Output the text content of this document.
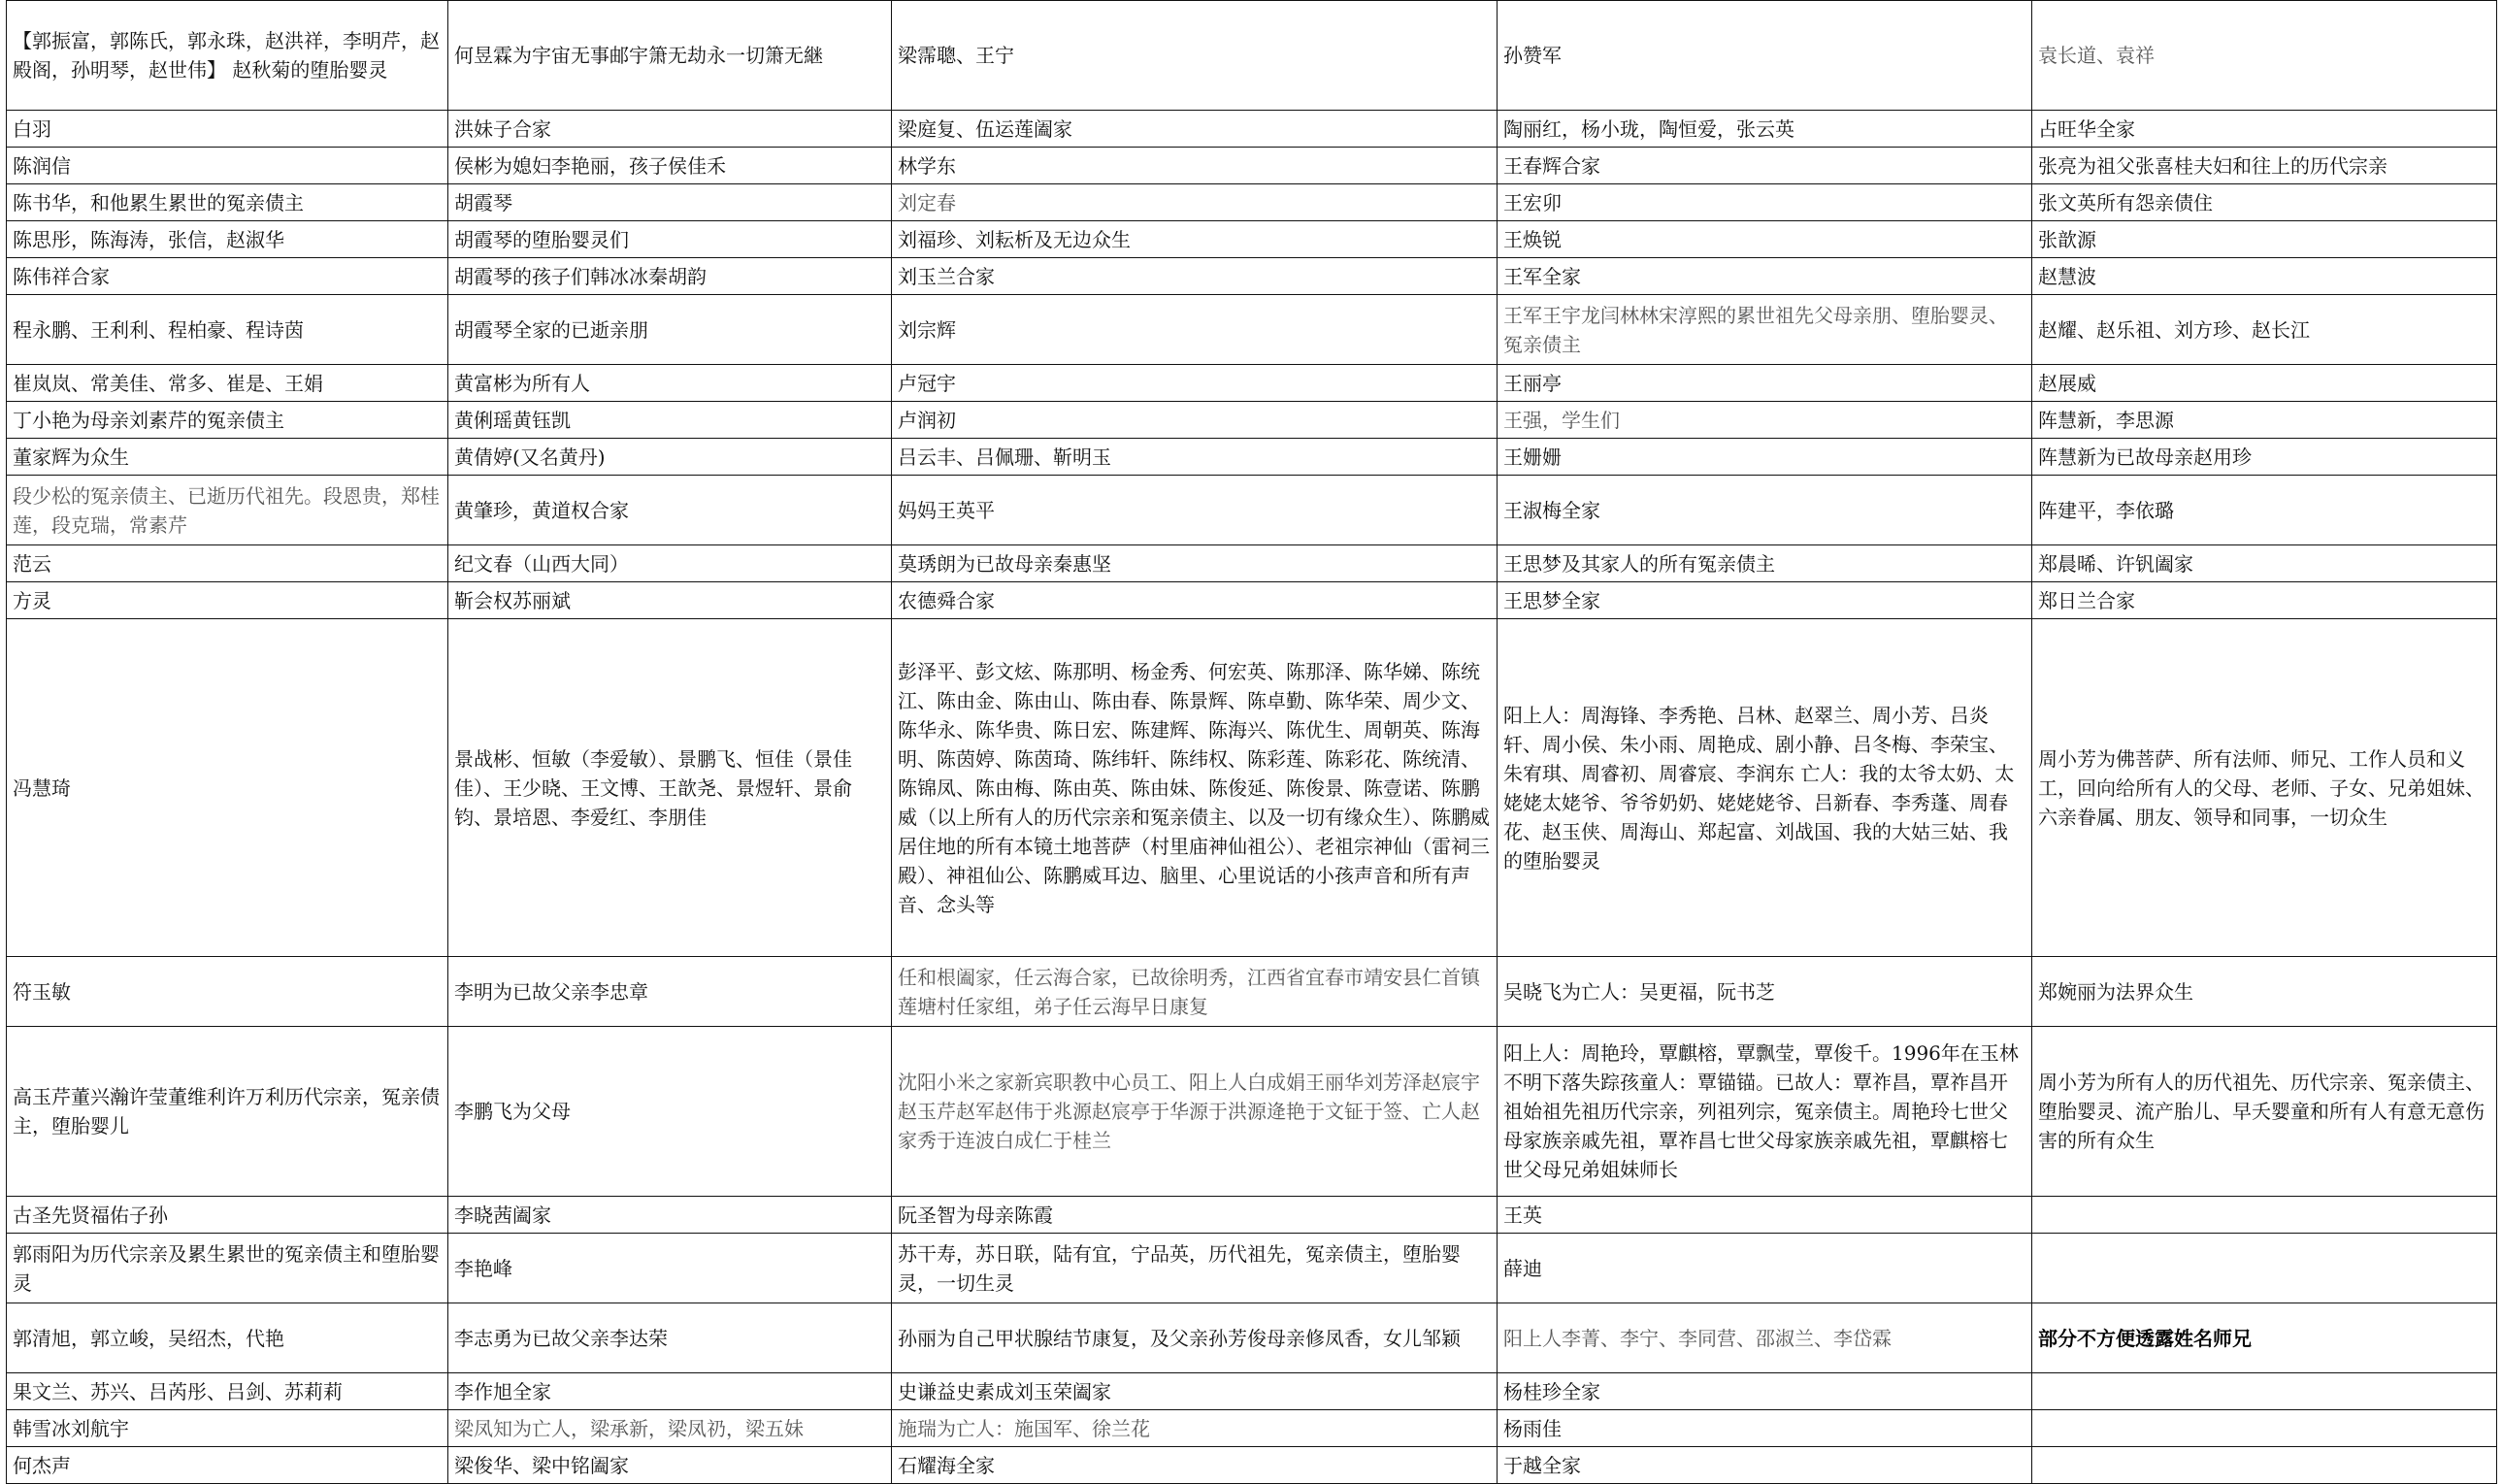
【郭振富，郭陈氏，郭永珠，赵洪祥，李明芹，赵殿阁，孙明琴，赵世伟】 赵秋菊的堕胎婴灵	何昱霖为宇宙无事邮宇箫无劫永一切箫无継	梁霈聰、王宁	孙赞军	袁长道、袁祥
白羽	洪妹子合家	梁庭复、伍运莲阖家	陶丽红，杨小珑，陶恒爱，张云英	占旺华全家
陈润信	侯彬为媳妇李艳丽，孩子侯佳禾	林学东	王春辉合家	张亮为祖父张喜桂夫妇和往上的历代宗亲
陈书华，和他累生累世的冤亲债主	胡霞琴	刘定春	王宏卯	张文英所有怨亲债住
陈思彤，陈海涛，张信，赵淑华	胡霞琴的堕胎婴灵们	刘福珍、刘耘析及无边众生	王焕锐	张歆源
陈伟祥合家	胡霞琴的孩子们韩冰冰秦胡韵	刘玉兰合家	王军全家	赵慧波
程永鹏、王利利、程柏豪、程诗茵	胡霞琴全家的已逝亲朋	刘宗辉	王军王宇龙闫林林宋淳熙的累世祖先父母亲朋、堕胎婴灵、冤亲债主	赵耀、赵乐祖、刘方珍、赵长江
崔岚岚、常美佳、常多、崔是、王娟	黄富彬为所有人	卢冠宇	王丽亭	赵展威
丁小艳为母亲刘素芹的冤亲债主	黄俐瑶黄钰凯	卢润初	王强，学生们	阵慧新，李思源
董家辉为众生	黄倩婷(又名黄丹)	吕云丰、吕佩珊、靳明玉	王姗姗	阵慧新为已故母亲赵用珍
段少松的冤亲债主、已逝历代祖先。段恩贵，郑桂莲，段克瑞，常素芹	黄肇珍，黄道权合家	妈妈王英平	王淑梅全家	阵建平，李依璐
范云	纪文春（山西大同）	莫琇朗为已故母亲秦惠坚	王思梦及其家人的所有冤亲债主	郑晨晞、许钒阖家
方灵	靳会权苏丽斌	农德舜合家	王思梦全家	郑日兰合家
冯慧琦	景战彬、恒敏（李爱敏）、景鹏飞、恒佳（景佳佳）、王少晓、王文博、王歆尧、景煜轩、景俞钧、景培恩、李爱红、李朋佳	彭泽平、彭文炫、陈那明、杨金秀、何宏英、陈那泽、陈华娣、陈统江、陈由金、陈由山、陈由春、陈景辉、陈卓勤、陈华荣、周少文、陈华永、陈华贵、陈日宏、陈建辉、陈海兴、陈优生、周朝英、陈海明、陈茵婷、陈茵琦、陈纬轩、陈纬权、陈彩莲、陈彩花、陈统清、陈锦凤、陈由梅、陈由英、陈由妹、陈俊延、陈俊景、陈壹诺、陈鹏威（以上所有人的历代宗亲和冤亲债主、以及一切有缘众生）、陈鹏威居住地的所有本镜土地菩萨（村里庙神仙祖公）、老祖宗神仙（雷祠三殿）、神祖仙公、陈鹏威耳边、脑里、心里说话的小孩声音和所有声音、念头等	阳上人：周海锋、李秀艳、吕林、赵翠兰、周小芳、吕炎轩、周小侯、朱小雨、周艳成、剧小静、吕冬梅、李荣宝、朱宥琪、周睿初、周睿宸、李润东 亡人：我的太爷太奶、太姥姥太姥爷、爷爷奶奶、姥姥姥爷、吕新春、李秀蓬、周春花、赵玉侠、周海山、郑起富、刘战国、我的大姑三姑、我的堕胎婴灵	周小芳为佛菩萨、所有法师、师兄、工作人员和义工，回向给所有人的父母、老师、子女、兄弟姐妹、六亲眷属、朋友、领导和同事，一切众生
符玉敏	李明为已故父亲李忠章	任和根阖家，任云海合家，已故徐明秀，江西省宜春市靖安县仁首镇莲塘村任家组，弟子任云海早日康复	吴晓飞为亡人：吴更福，阮书芝	郑婉丽为法界众生
高玉芹董兴瀚许莹董维利许万利历代宗亲，冤亲债主，堕胎婴儿	李鹏飞为父母	沈阳小米之家新宾职教中心员工、阳上人白成娟王丽华刘芳泽赵宸宇赵玉芹赵军赵伟于兆源赵宸亭于华源于洪源逄艳于文钲于签、亡人赵家秀于连波白成仁于桂兰	阳上人：周艳玲，覃麒榕，覃飘莹，覃俊千。1996年在玉林不明下落失踪孩童人：覃锚锚。已故人：覃祚昌，覃祚昌开祖始祖先祖历代宗亲，列祖列宗，冤亲债主。周艳玲七世父母家族亲戚先祖，覃祚昌七世父母家族亲戚先祖，覃麒榕七世父母兄弟姐妹师长	周小芳为所有人的历代祖先、历代宗亲、冤亲债主、堕胎婴灵、流产胎儿、早夭婴童和所有人有意无意伤害的所有众生
古圣先贤福佑子孙	李晓茜阖家	阮圣智为母亲陈霞	王英	
郭雨阳为历代宗亲及累生累世的冤亲债主和堕胎婴灵	李艳峰	苏干寿，苏日联，陆有宜，宁品英，历代祖先，冤亲债主，堕胎婴灵，一切生灵	薛迪	
郭清旭，郭立峻，吴绍杰，代艳	李志勇为已故父亲李达荣	孙丽为自己甲状腺结节康复，及父亲孙芳俊母亲修凤香，女儿邹颖	阳上人李菁、李宁、李同营、邵淑兰、李岱霖	部分不方便透露姓名师兄
果文兰、苏兴、吕芮彤、吕剑、苏莉莉	李作旭全家	史谦益史素成刘玉荣阖家	杨桂珍全家	
韩雪冰刘航宇	梁凤知为亡人，梁承新，梁凤礽，梁五妹	施瑞为亡人：施国军、徐兰花	杨雨佳	
何杰声	梁俊华、梁中铭阖家	石耀海全家	于越全家	
